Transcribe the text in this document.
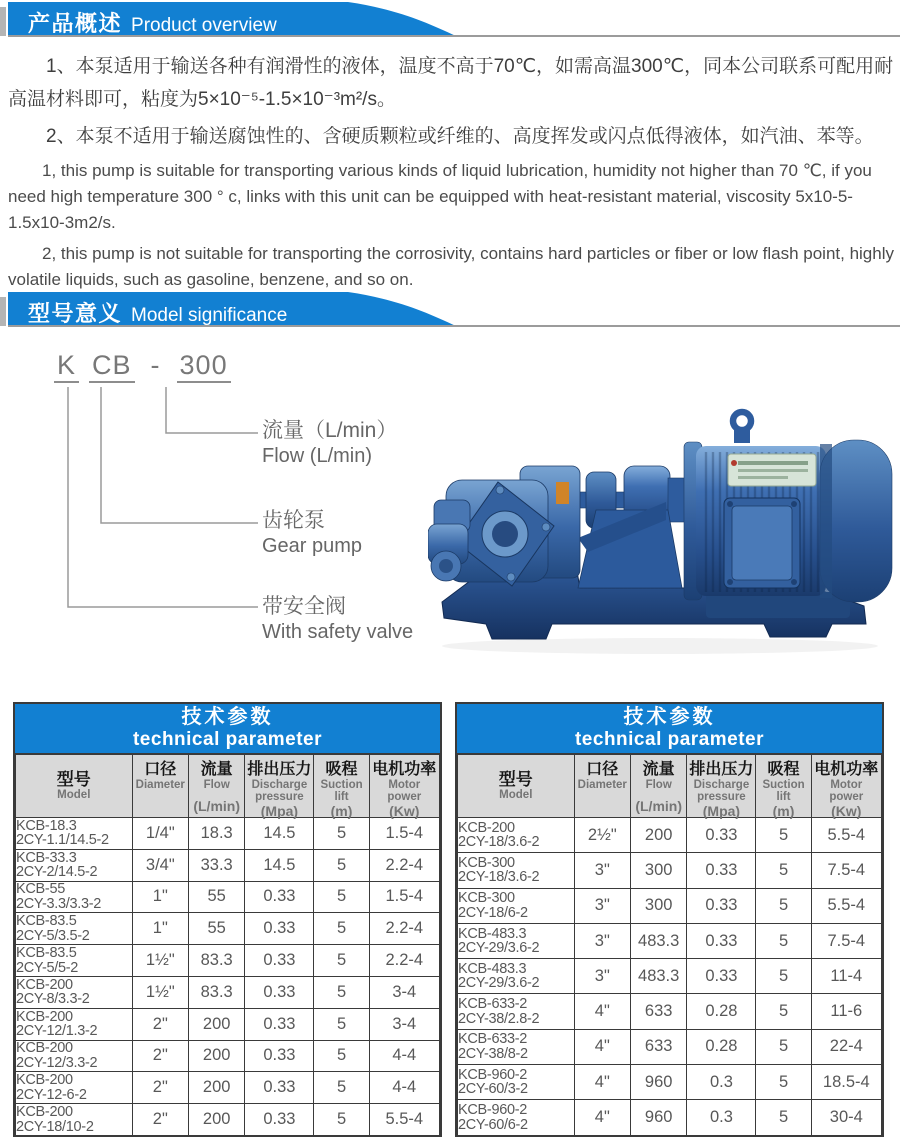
产品概述 Product overview

1、本泵适用于输送各种有润滑性的液体，温度不高于70℃，如需高温300℃，同本公司联系可配用耐高温材料即可，粘度为5×10⁻⁵-1.5×10⁻³m²/s。

2、本泵不适用于输送腐蚀性的、含硬质颗粒或纤维的、高度挥发或闪点低得液体，如汽油、苯等。

1, this pump is suitable for transporting various kinds of liquid lubrication, humidity not higher than 70 ℃, if you need high temperature 300 ° c, links with this unit can be equipped with heat-resistant material, viscosity 5x10-5-1.5x10-3m2/s.

2, this pump is not suitable for transporting the corrosivity, contains hard particles or fiber or low flash point, highly volatile liquids, such as gasoline, benzene, and so on.

型号意义 Model significance
K CB - 300
流量（L/min）
Flow (L/min)
齿轮泵
Gear pump
带安全阀
With safety valve
技术参数
technical parameter
型号
Model

口径
Diameter

流量
Flow
(L/min)

排出压力
Discharge pressure
(Mpa)

吸程
Suction lift
(m)

电机功率
Motor power
(Kw)

KCB-18.3
2CY-1.1/14.5-2	1/4"	18.3	14.5	5	1.5-4

KCB-33.3
2CY-2/14.5-2	3/4"	33.3	14.5	5	2.2-4

KCB-55
2CY-3.3/3.3-2	1"	55	0.33	5	1.5-4

KCB-83.5
2CY-5/3.5-2	1"	55	0.33	5	2.2-4

KCB-83.5
2CY-5/5-2	1½"	83.3	0.33	5	2.2-4

KCB-200
2CY-8/3.3-2	1½"	83.3	0.33	5	3-4

KCB-200
2CY-12/1.3-2	2"	200	0.33	5	3-4

KCB-200
2CY-12/3.3-2	2"	200	0.33	5	4-4

KCB-200
2CY-12-6-2	2"	200	0.33	5	4-4

KCB-200
2CY-18/10-2	2"	200	0.33	5	5.5-4
技术参数
technical parameter
型号
Model

口径
Diameter

流量
Flow
(L/min)

排出压力
Discharge pressure
(Mpa)

吸程
Suction lift
(m)

电机功率
Motor power
(Kw)

KCB-200
2CY-18/3.6-2	2½"	200	0.33	5	5.5-4

KCB-300
2CY-18/3.6-2	3"	300	0.33	5	7.5-4

KCB-300
2CY-18/6-2	3"	300	0.33	5	5.5-4

KCB-483.3
2CY-29/3.6-2	3"	483.3	0.33	5	7.5-4

KCB-483.3
2CY-29/3.6-2	3"	483.3	0.33	5	11-4

KCB-633-2
2CY-38/2.8-2	4"	633	0.28	5	11-6

KCB-633-2
2CY-38/8-2	4"	633	0.28	5	22-4

KCB-960-2
2CY-60/3-2	4"	960	0.3	5	18.5-4

KCB-960-2
2CY-60/6-2	4"	960	0.3	5	30-4
